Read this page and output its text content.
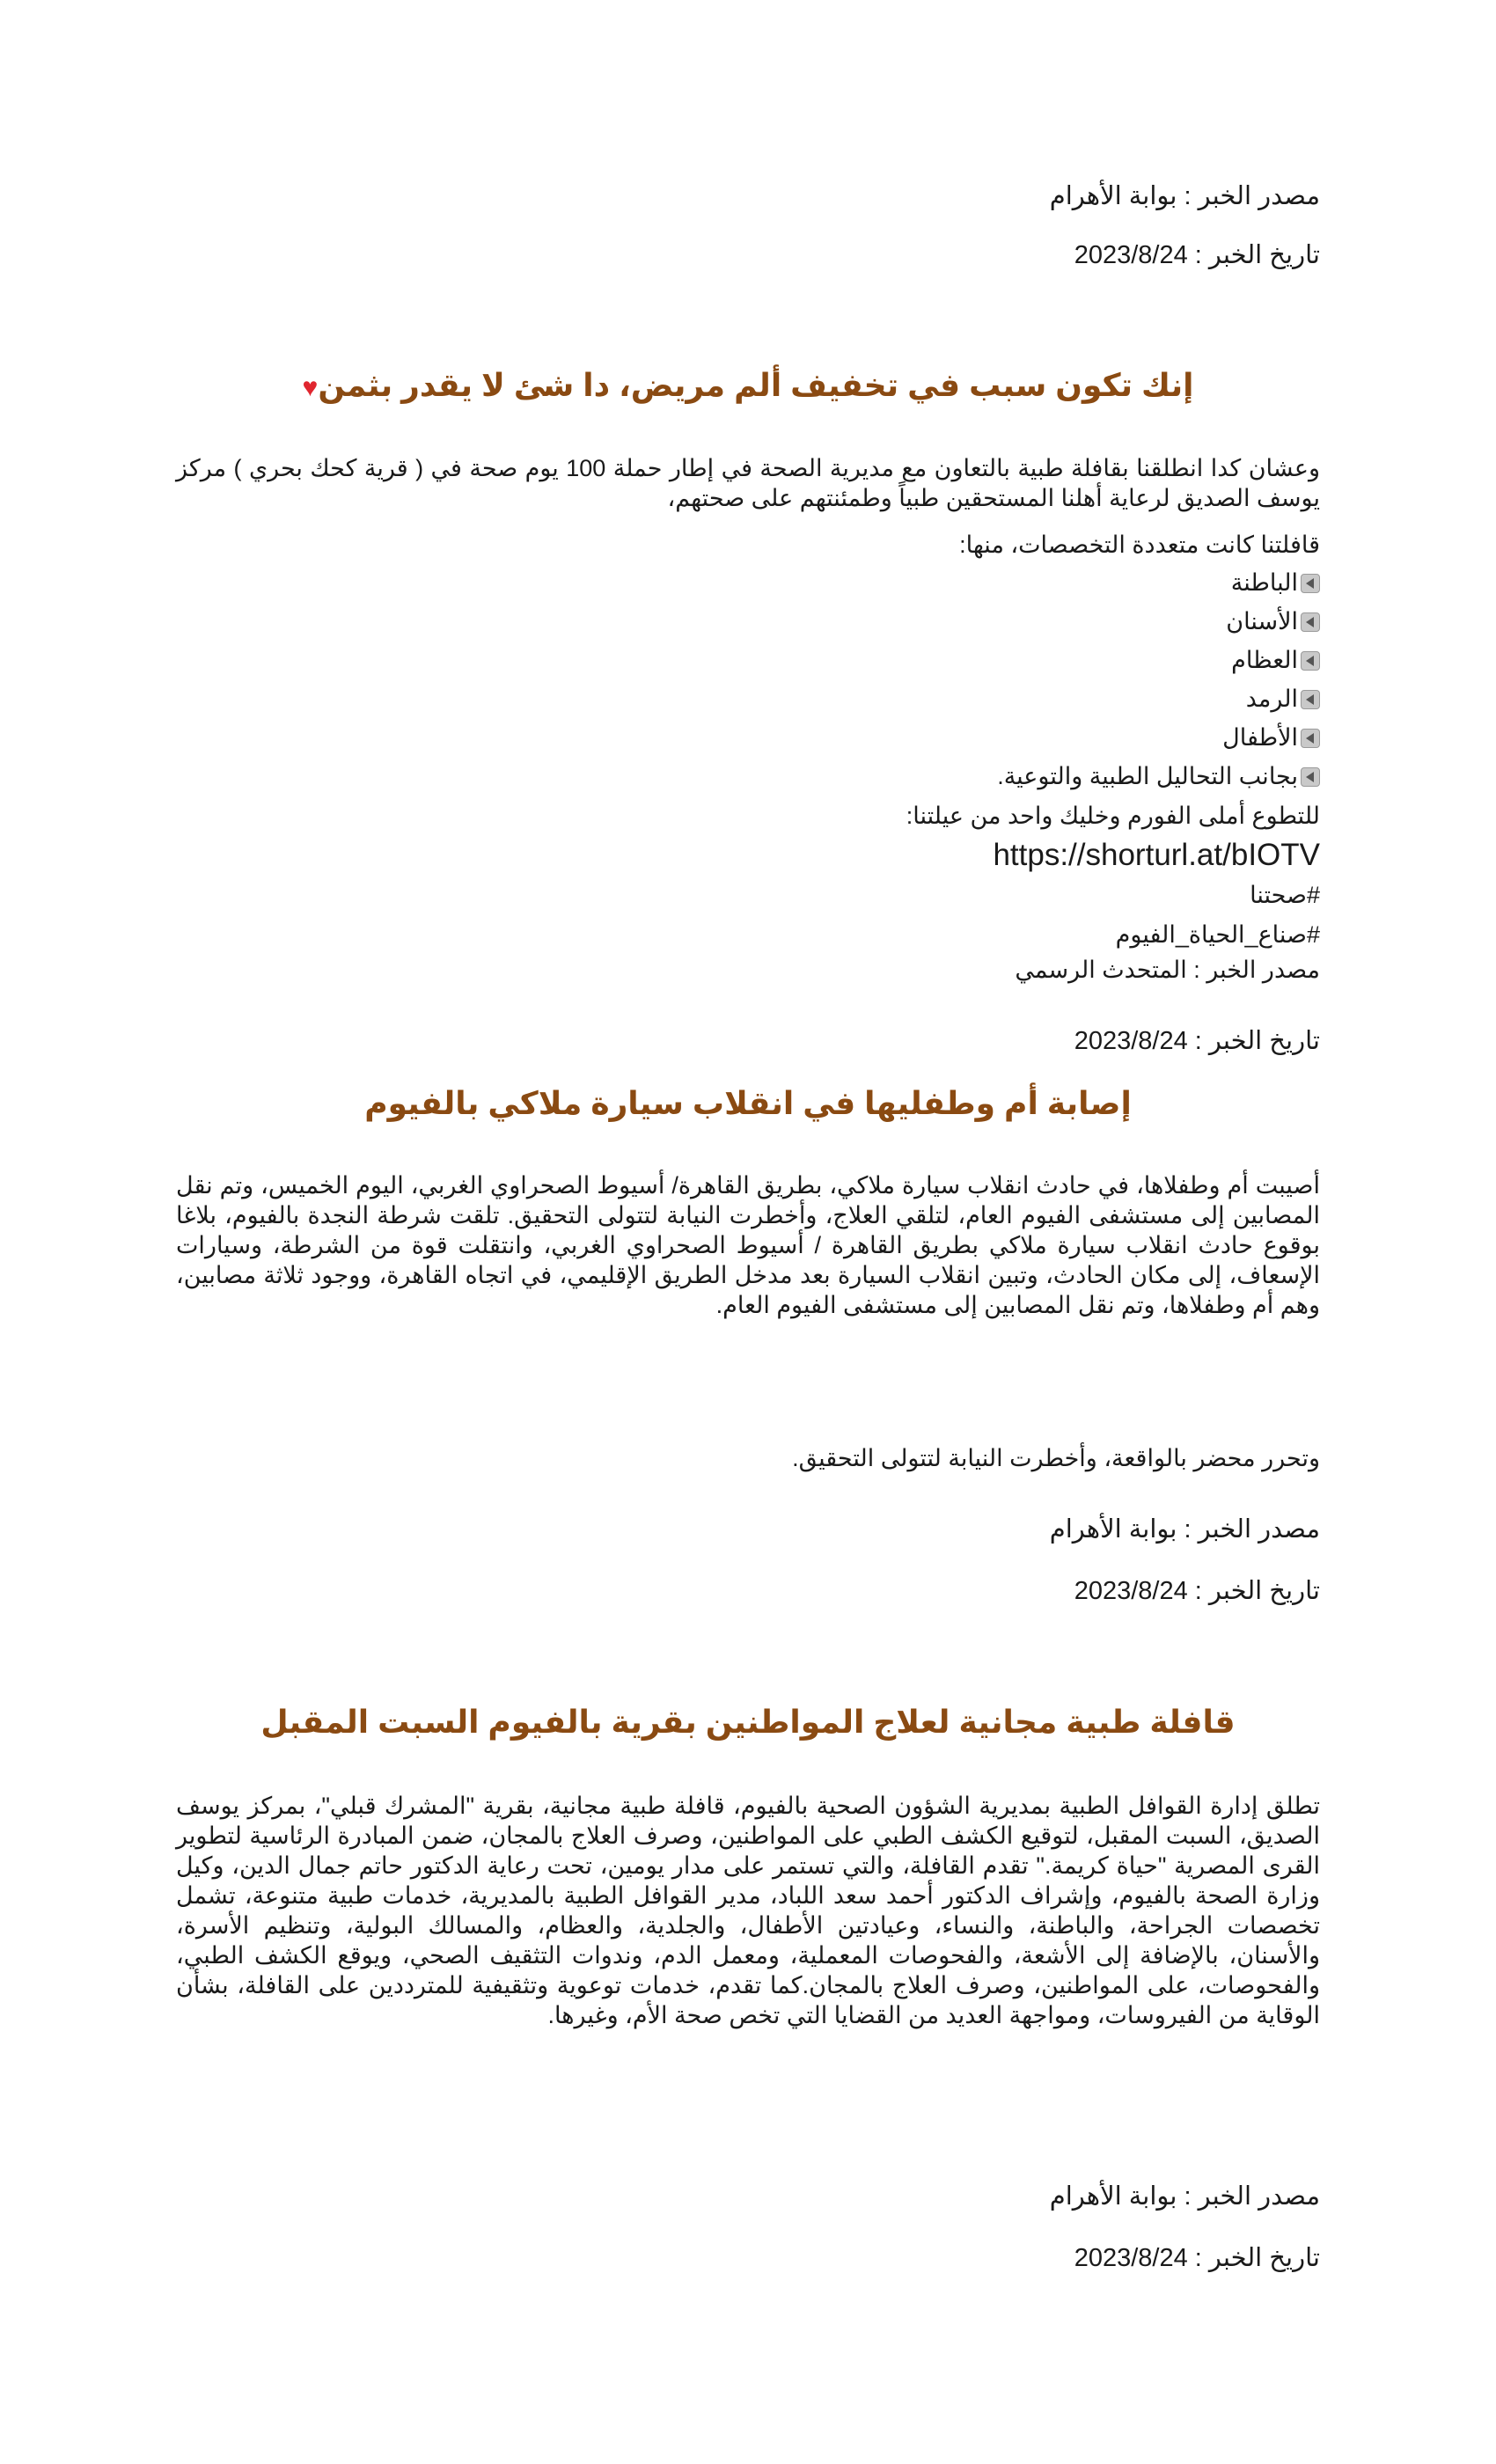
مصدر الخبر : بوابة الأهرام
تاريخ الخبر : 2023/8/24
إنك تكون سبب في تخفيف ألم مريض، دا شئ لا يقدر بثمن♥
وعشان كدا انطلقنا بقافلة طبية بالتعاون مع مديرية الصحة في إطار حملة 100 يوم صحة في ( قرية كحك بحري ) مركز يوسف الصديق لرعاية أهلنا المستحقين طبياً وطمئنتهم على صحتهم،
قافلتنا كانت متعددة التخصصات، منها:
الباطنة
الأسنان
العظام
الرمد
الأطفال
بجانب التحاليل الطبية والتوعية.
للتطوع أملى الفورم وخليك واحد من عيلتنا:
https://shorturl.at/bIOTV
#صحتنا
#صناع_الحياة_الفيوم
مصدر الخبر : المتحدث الرسمي
تاريخ الخبر : 2023/8/24
إصابة أم وطفليها في انقلاب سيارة ملاكي بالفيوم
أصيبت أم وطفلاها، في حادث انقلاب سيارة ملاكي، بطريق القاهرة/ أسيوط الصحراوي الغربي، اليوم الخميس، وتم نقل المصابين إلى مستشفى الفيوم العام، لتلقي العلاج، وأخطرت النيابة لتتولى التحقيق. تلقت شرطة النجدة بالفيوم، بلاغا بوقوع حادث انقلاب سيارة ملاكي بطريق القاهرة / أسيوط الصحراوي الغربي، وانتقلت قوة من الشرطة، وسيارات الإسعاف، إلى مكان الحادث، وتبين انقلاب السيارة بعد مدخل الطريق الإقليمي، في اتجاه القاهرة، ووجود ثلاثة مصابين، وهم أم وطفلاها، وتم نقل المصابين إلى مستشفى الفيوم العام.
وتحرر محضر بالواقعة، وأخطرت النيابة لتتولى التحقيق.
مصدر الخبر : بوابة الأهرام
تاريخ الخبر : 2023/8/24
قافلة طبية مجانية لعلاج المواطنين بقرية بالفيوم السبت المقبل
تطلق إدارة القوافل الطبية بمديرية الشؤون الصحية بالفيوم، قافلة طبية مجانية، بقرية "المشرك قبلي"، بمركز يوسف الصديق، السبت المقبل، لتوقيع الكشف الطبي على المواطنين، وصرف العلاج بالمجان، ضمن المبادرة الرئاسية لتطوير القرى المصرية "حياة كريمة." تقدم القافلة، والتي تستمر على مدار يومين، تحت رعاية الدكتور حاتم جمال الدين، وكيل وزارة الصحة بالفيوم، وإشراف الدكتور أحمد سعد اللباد، مدير القوافل الطبية بالمديرية، خدمات طبية متنوعة، تشمل تخصصات الجراحة، والباطنة، والنساء، وعيادتين الأطفال، والجلدية، والعظام، والمسالك البولية، وتنظيم الأسرة، والأسنان، بالإضافة إلى الأشعة، والفحوصات المعملية، ومعمل الدم، وندوات التثقيف الصحي، ويوقع الكشف الطبي، والفحوصات، على المواطنين، وصرف العلاج بالمجان.كما تقدم، خدمات توعوية وتثقيفية للمترددين على القافلة، بشأن الوقاية من الفيروسات، ومواجهة العديد من القضايا التي تخص صحة الأم، وغيرها.
مصدر الخبر : بوابة الأهرام
تاريخ الخبر : 2023/8/24
